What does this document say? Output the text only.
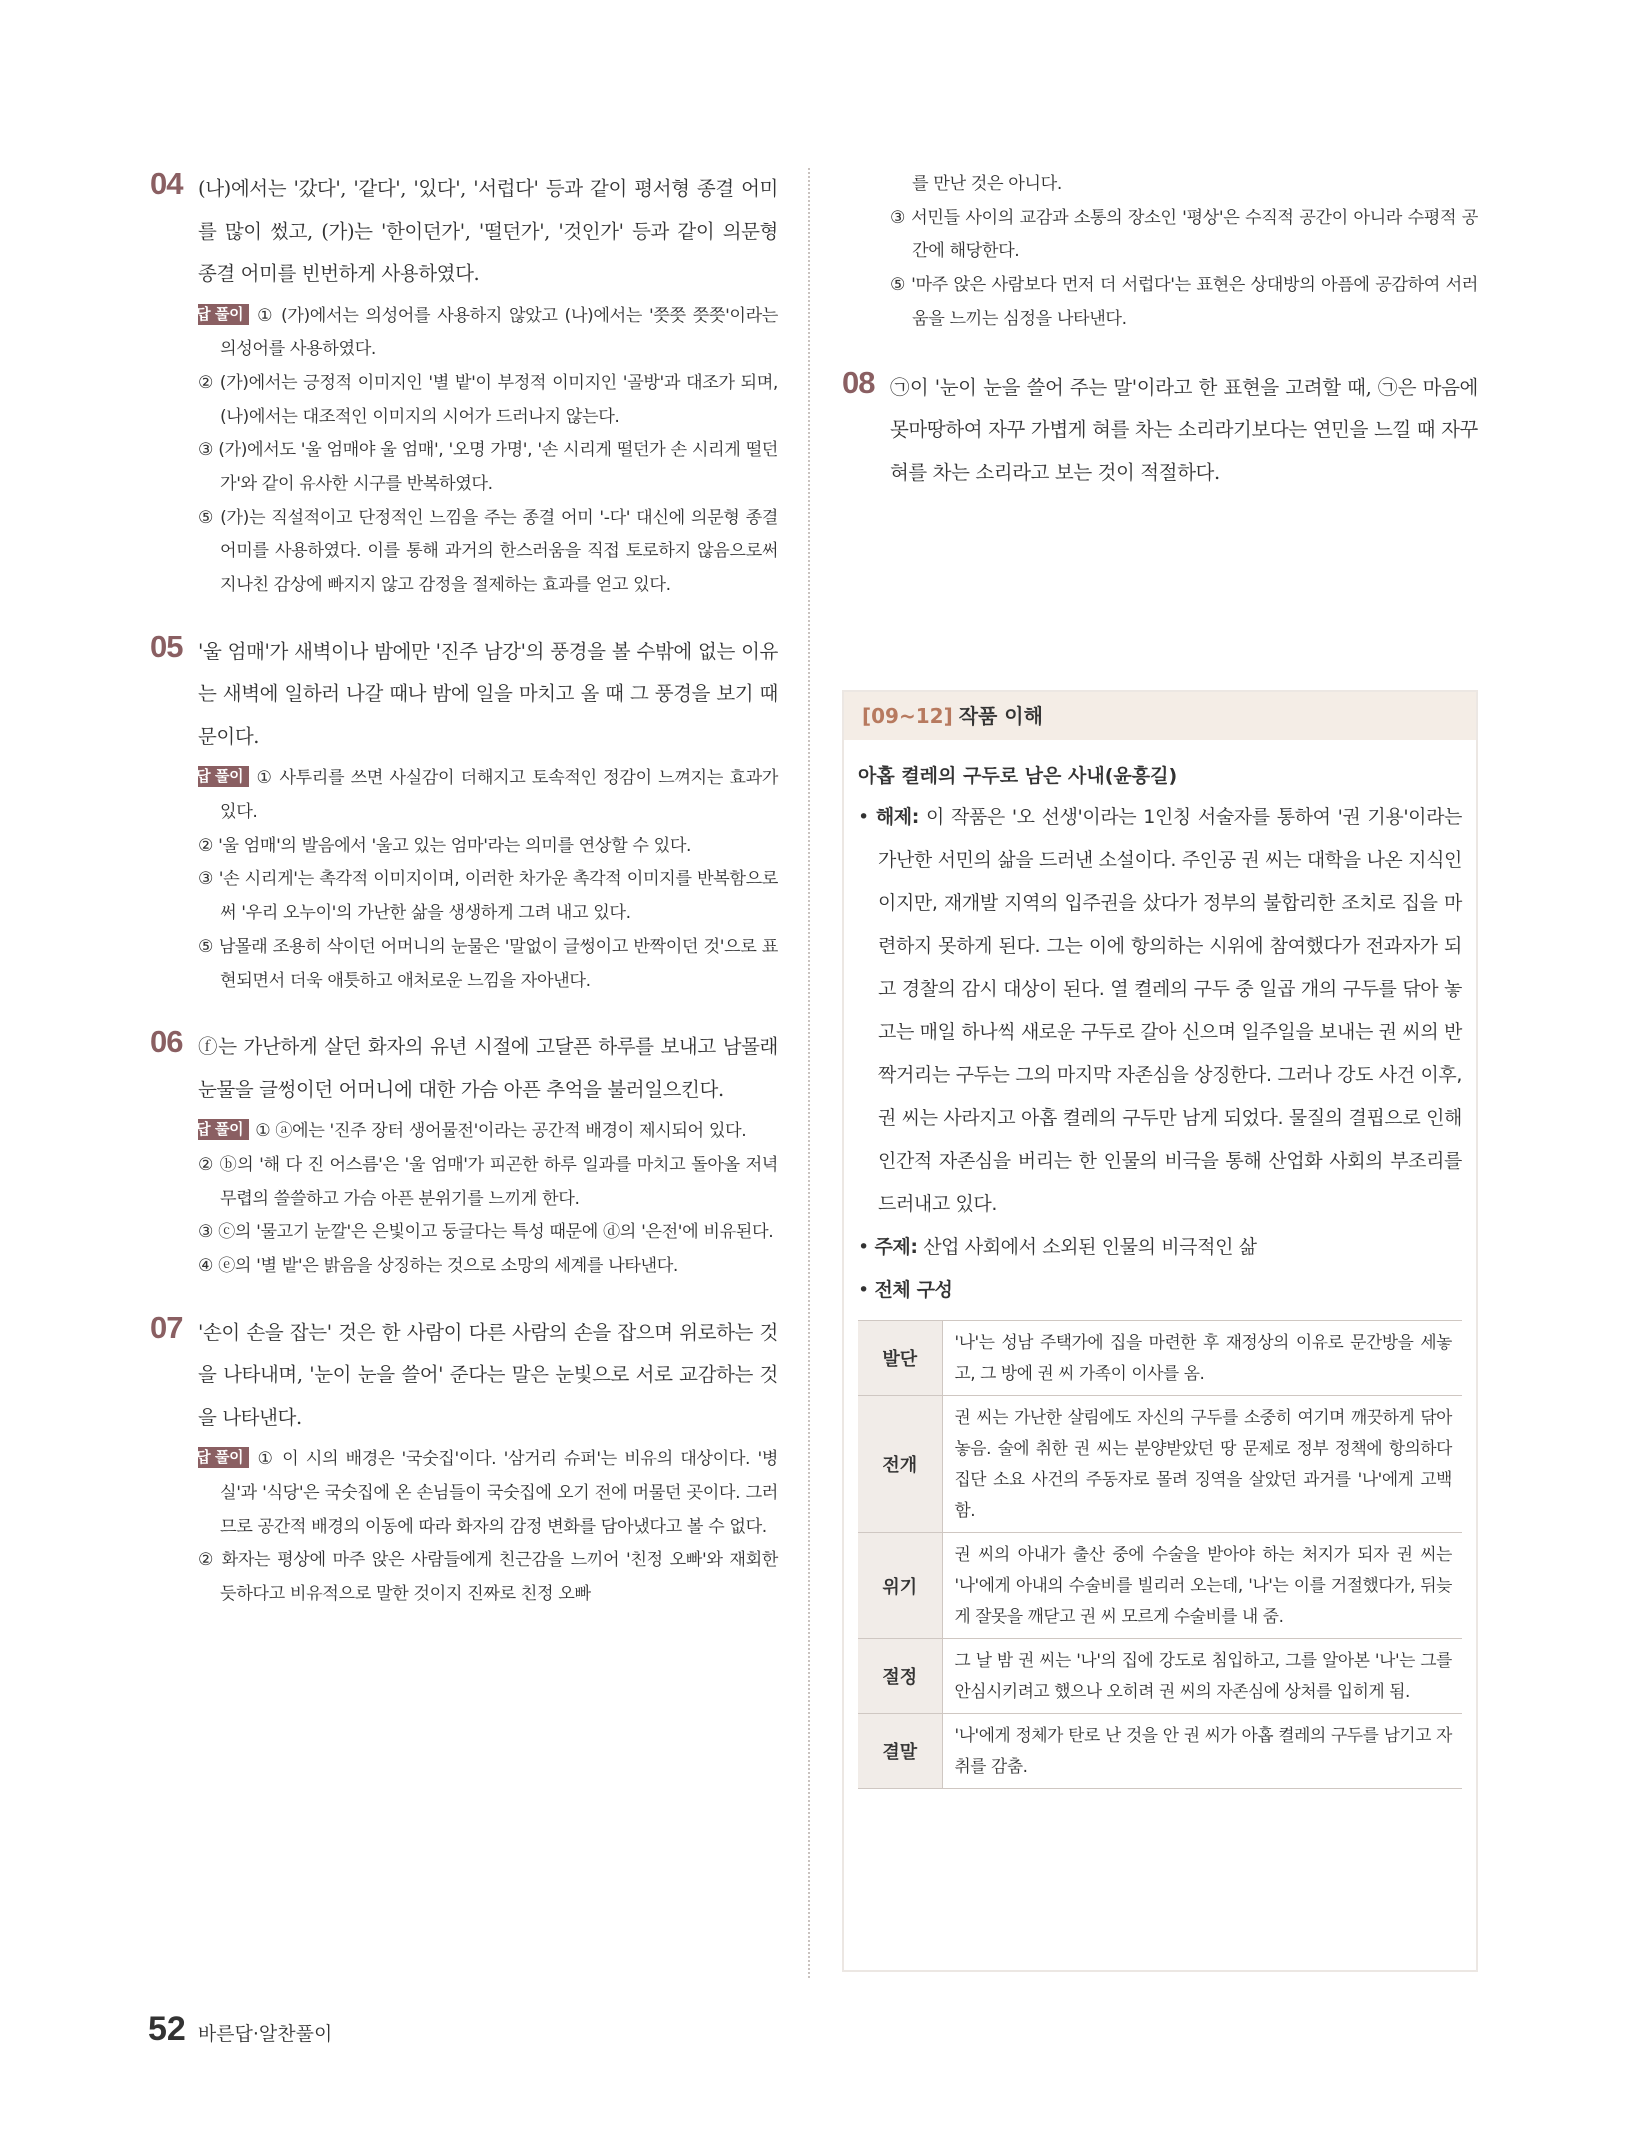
04 (나)에서는 '갔다', '같다', '있다', '서럽다' 등과 같이 평서형 종결 어미를 많이 썼고, (가)는 '한이던가', '떨던가', '것인가' 등과 같이 의문형 종결 어미를 빈번하게 사용하였다.

오답 풀이 ① (가)에서는 의성어를 사용하지 않았고 (나)에서는 '쯧쯧 쯧쯧'이라는 의성어를 사용하였다.

② (가)에서는 긍정적 이미지인 '별 밭'이 부정적 이미지인 '골방'과 대조가 되며, (나)에서는 대조적인 이미지의 시어가 드러나지 않는다.

③ (가)에서도 '울 엄매야 울 엄매', '오명 가명', '손 시리게 떨던가 손 시리게 떨던가'와 같이 유사한 시구를 반복하였다.

⑤ (가)는 직설적이고 단정적인 느낌을 주는 종결 어미 '-다' 대신에 의문형 종결 어미를 사용하였다. 이를 통해 과거의 한스러움을 직접 토로하지 않음으로써 지나친 감상에 빠지지 않고 감정을 절제하는 효과를 얻고 있다.

05 '울 엄매'가 새벽이나 밤에만 '진주 남강'의 풍경을 볼 수밖에 없는 이유는 새벽에 일하러 나갈 때나 밤에 일을 마치고 올 때 그 풍경을 보기 때문이다.

오답 풀이 ① 사투리를 쓰면 사실감이 더해지고 토속적인 정감이 느껴지는 효과가 있다.

② '울 엄매'의 발음에서 '울고 있는 엄마'라는 의미를 연상할 수 있다.

③ '손 시리게'는 촉각적 이미지이며, 이러한 차가운 촉각적 이미지를 반복함으로써 '우리 오누이'의 가난한 삶을 생생하게 그려 내고 있다.

⑤ 남몰래 조용히 삭이던 어머니의 눈물은 '말없이 글썽이고 반짝이던 것'으로 표현되면서 더욱 애틋하고 애처로운 느낌을 자아낸다.

06 ⓕ는 가난하게 살던 화자의 유년 시절에 고달픈 하루를 보내고 남몰래 눈물을 글썽이던 어머니에 대한 가슴 아픈 추억을 불러일으킨다.

오답 풀이 ① ⓐ에는 '진주 장터 생어물전'이라는 공간적 배경이 제시되어 있다.

② ⓑ의 '해 다 진 어스름'은 '울 엄매'가 피곤한 하루 일과를 마치고 돌아올 저녁 무렵의 쓸쓸하고 가슴 아픈 분위기를 느끼게 한다.

③ ⓒ의 '물고기 눈깔'은 은빛이고 둥글다는 특성 때문에 ⓓ의 '은전'에 비유된다.

④ ⓔ의 '별 밭'은 밝음을 상징하는 것으로 소망의 세계를 나타낸다.

07 '손이 손을 잡는' 것은 한 사람이 다른 사람의 손을 잡으며 위로하는 것을 나타내며, '눈이 눈을 쓸어' 준다는 말은 눈빛으로 서로 교감하는 것을 나타낸다.

오답 풀이 ① 이 시의 배경은 '국숫집'이다. '삼거리 슈퍼'는 비유의 대상이다. '병실'과 '식당'은 국숫집에 온 손님들이 국숫집에 오기 전에 머물던 곳이다. 그러므로 공간적 배경의 이동에 따라 화자의 감정 변화를 담아냈다고 볼 수 없다.

② 화자는 평상에 마주 앉은 사람들에게 친근감을 느끼어 '친정 오빠'와 재회한 듯하다고 비유적으로 말한 것이지 진짜로 친정 오빠

를 만난 것은 아니다.

③ 서민들 사이의 교감과 소통의 장소인 '평상'은 수직적 공간이 아니라 수평적 공간에 해당한다.

⑤ '마주 앉은 사람보다 먼저 더 서럽다'는 표현은 상대방의 아픔에 공감하여 서러움을 느끼는 심정을 나타낸다.

08 ㉠이 '눈이 눈을 쓸어 주는 말'이라고 한 표현을 고려할 때, ㉠은 마음에 못마땅하여 자꾸 가볍게 혀를 차는 소리라기보다는 연민을 느낄 때 자꾸 혀를 차는 소리라고 보는 것이 적절하다.

[09~12] 작품 이해

아홉 켤레의 구두로 남은 사내(윤흥길)

• 해제: 이 작품은 '오 선생'이라는 1인칭 서술자를 통하여 '권 기용'이라는 가난한 서민의 삶을 드러낸 소설이다. 주인공 권 씨는 대학을 나온 지식인이지만, 재개발 지역의 입주권을 샀다가 정부의 불합리한 조치로 집을 마련하지 못하게 된다. 그는 이에 항의하는 시위에 참여했다가 전과자가 되고 경찰의 감시 대상이 된다. 열 켤레의 구두 중 일곱 개의 구두를 닦아 놓고는 매일 하나씩 새로운 구두로 갈아 신으며 일주일을 보내는 권 씨의 반짝거리는 구두는 그의 마지막 자존심을 상징한다. 그러나 강도 사건 이후, 권 씨는 사라지고 아홉 켤레의 구두만 남게 되었다. 물질의 결핍으로 인해 인간적 자존심을 버리는 한 인물의 비극을 통해 산업화 사회의 부조리를 드러내고 있다.

• 주제: 산업 사회에서 소외된 인물의 비극적인 삶

• 전체 구성

발단	'나'는 성남 주택가에 집을 마련한 후 재정상의 이유로 문간방을 세놓고, 그 방에 권 씨 가족이 이사를 옴.
전개	권 씨는 가난한 살림에도 자신의 구두를 소중히 여기며 깨끗하게 닦아 놓음. 술에 취한 권 씨는 분양받았던 땅 문제로 정부 정책에 항의하다 집단 소요 사건의 주동자로 몰려 징역을 살았던 과거를 '나'에게 고백함.
위기	권 씨의 아내가 출산 중에 수술을 받아야 하는 처지가 되자 권 씨는 '나'에게 아내의 수술비를 빌리러 오는데, '나'는 이를 거절했다가, 뒤늦게 잘못을 깨닫고 권 씨 모르게 수술비를 내 줌.
절정	그 날 밤 권 씨는 '나'의 집에 강도로 침입하고, 그를 알아본 '나'는 그를 안심시키려고 했으나 오히려 권 씨의 자존심에 상처를 입히게 됨.
결말	'나'에게 정체가 탄로 난 것을 안 권 씨가 아홉 켤레의 구두를 남기고 자취를 감춤.
52 바른답·알찬풀이
